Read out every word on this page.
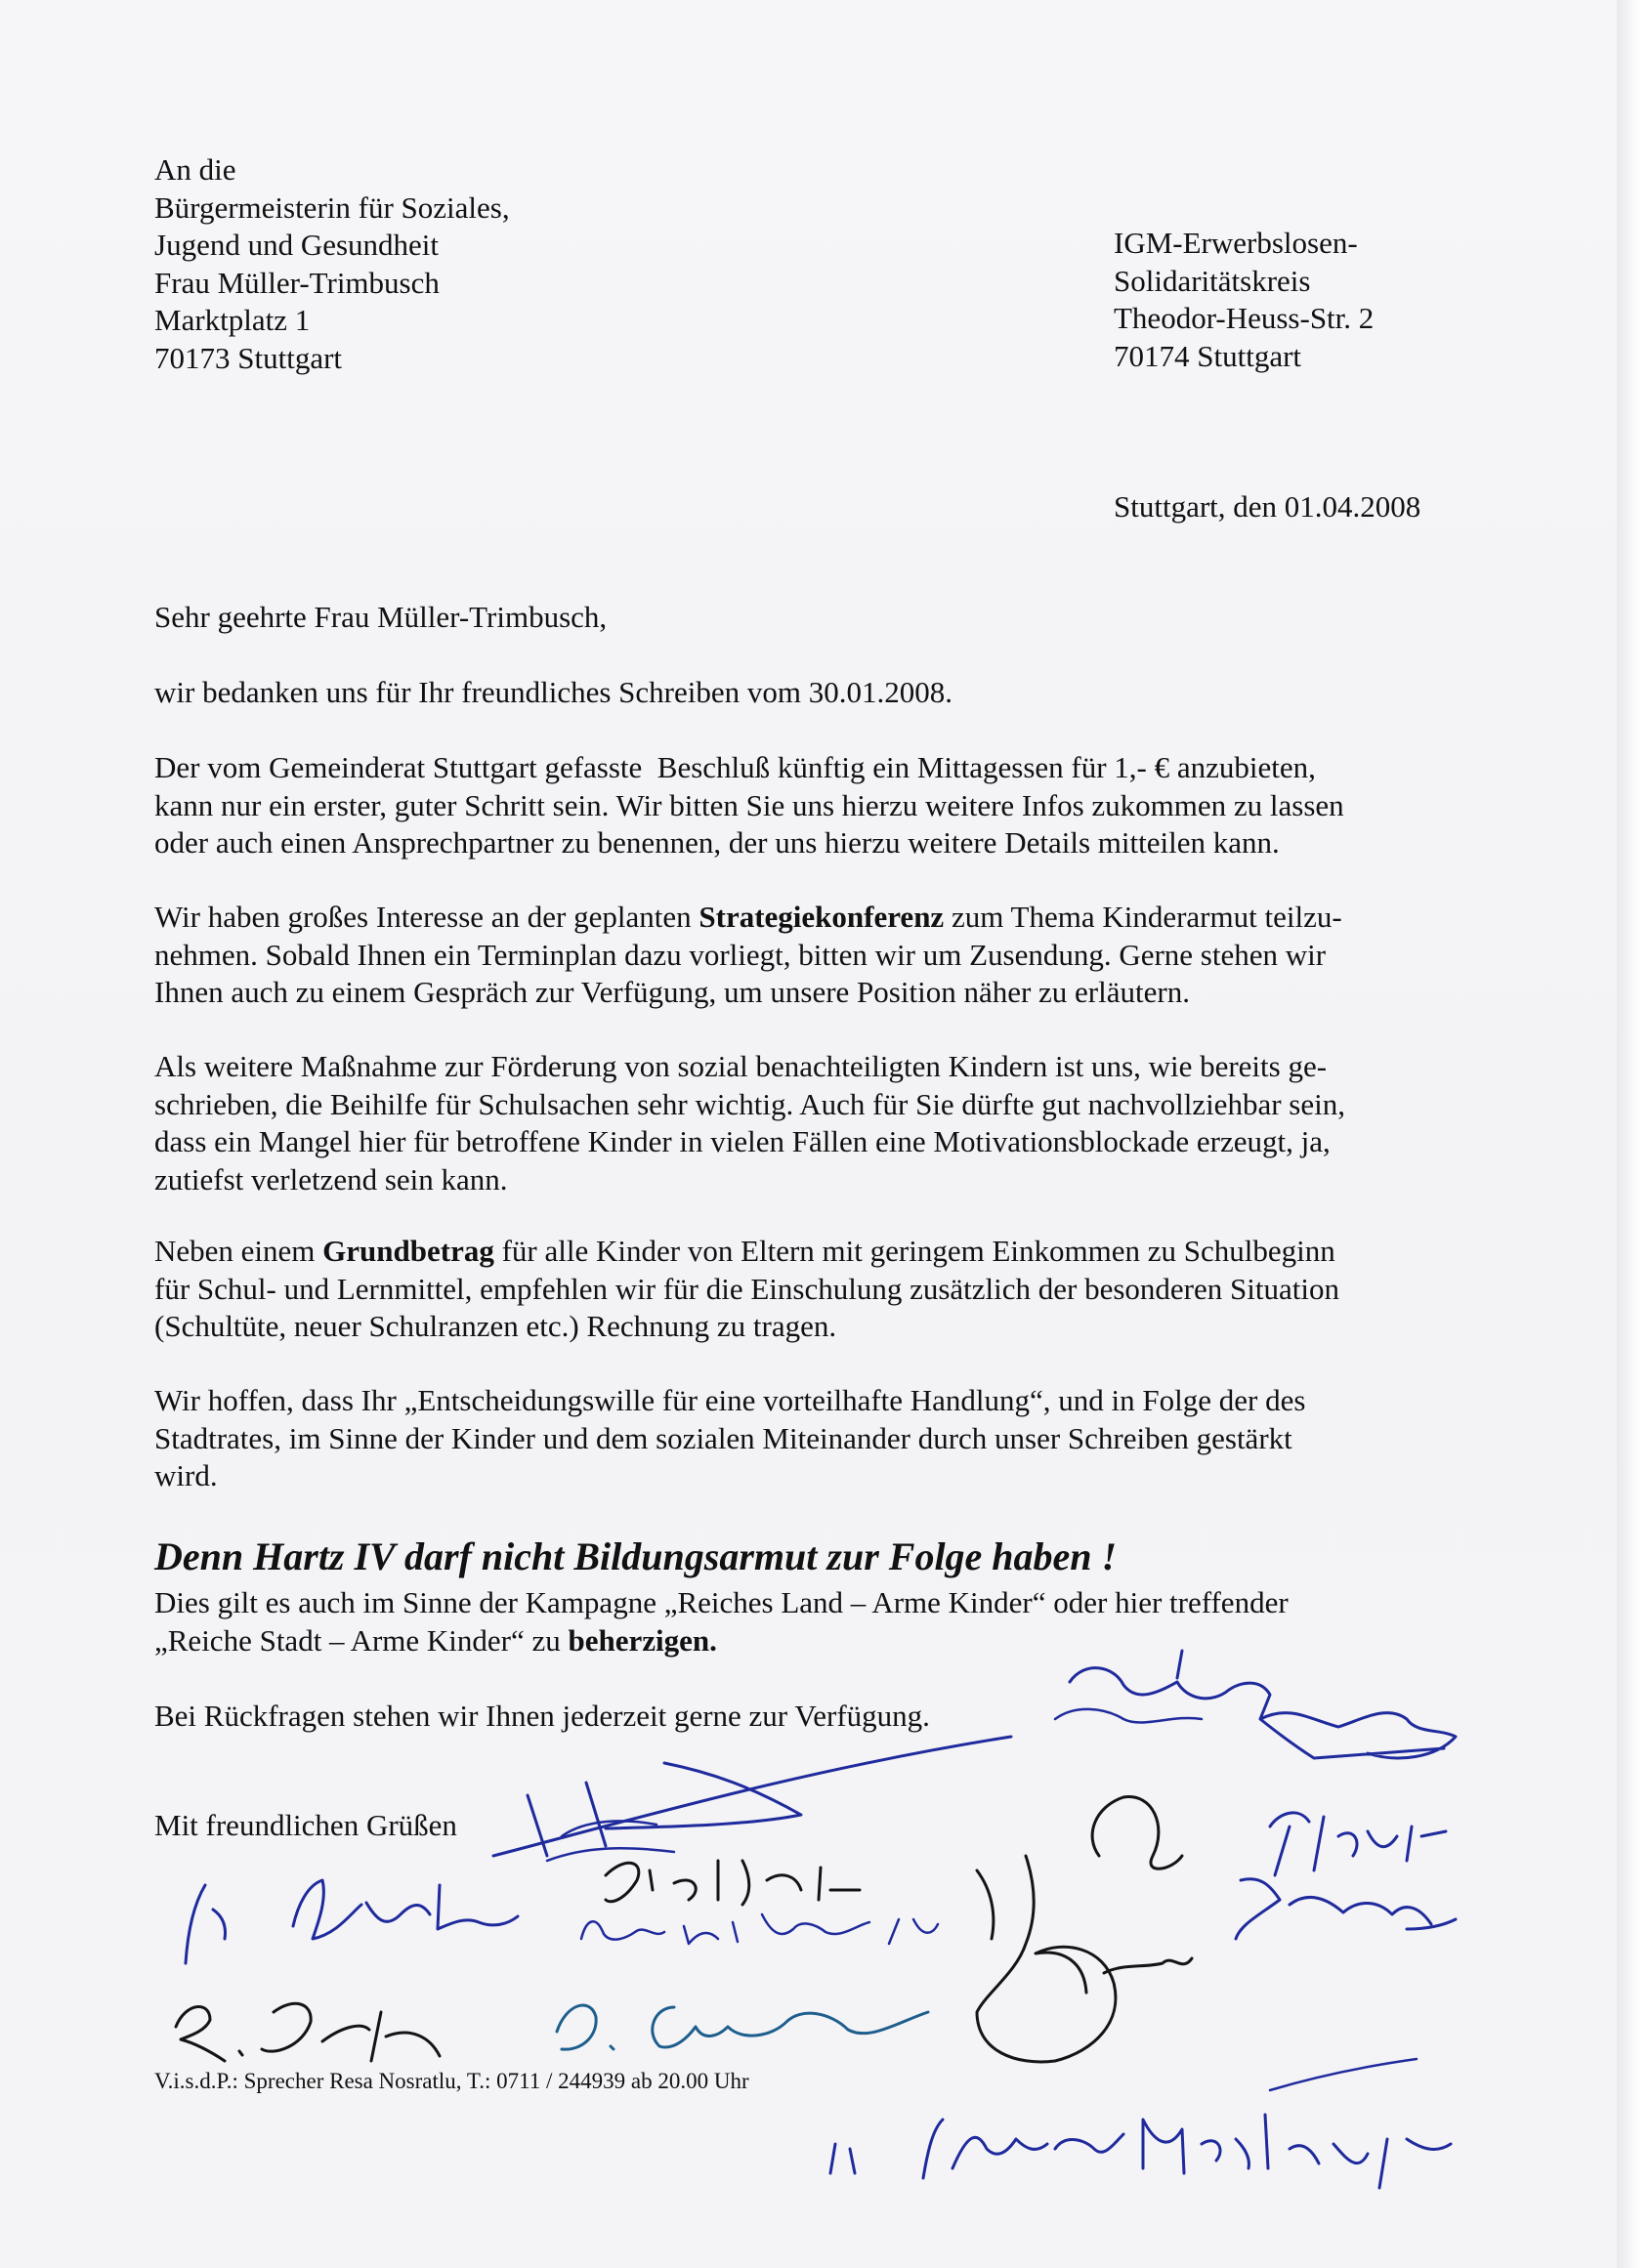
An die
Bürgermeisterin für Soziales,
Jugend und Gesundheit
Frau Müller-Trimbusch
Marktplatz 1
70173 Stuttgart
IGM-Erwerbslosen-
Solidaritätskreis
Theodor-Heuss-Str. 2
70174 Stuttgart
Stuttgart, den 01.04.2008
Sehr geehrte Frau Müller-Trimbusch,
wir bedanken uns für Ihr freundliches Schreiben vom 30.01.2008.
Der vom Gemeinderat Stuttgart gefasste  Beschluß künftig ein Mittagessen für 1,- € anzubieten,
kann nur ein erster, guter Schritt sein. Wir bitten Sie uns hierzu weitere Infos zukommen zu lassen
oder auch einen Ansprechpartner zu benennen, der uns hierzu weitere Details mitteilen kann.
Wir haben großes Interesse an der geplanten Strategiekonferenz zum Thema Kinderarmut teilzu-
nehmen. Sobald Ihnen ein Terminplan dazu vorliegt, bitten wir um Zusendung. Gerne stehen wir
Ihnen auch zu einem Gespräch zur Verfügung, um unsere Position näher zu erläutern.
Als weitere Maßnahme zur Förderung von sozial benachteiligten Kindern ist uns, wie bereits ge-
schrieben, die Beihilfe für Schulsachen sehr wichtig. Auch für Sie dürfte gut nachvollziehbar sein,
dass ein Mangel hier für betroffene Kinder in vielen Fällen eine Motivationsblockade erzeugt, ja,
zutiefst verletzend sein kann.
Neben einem Grundbetrag für alle Kinder von Eltern mit geringem Einkommen zu Schulbeginn
für Schul- und Lernmittel, empfehlen wir für die Einschulung zusätzlich der besonderen Situation
(Schultüte, neuer Schulranzen etc.) Rechnung zu tragen.
Wir hoffen, dass Ihr „Entscheidungswille für eine vorteilhafte Handlung“, und in Folge der des
Stadtrates, im Sinne der Kinder und dem sozialen Miteinander durch unser Schreiben gestärkt
wird.
Denn Hartz IV darf nicht Bildungsarmut zur Folge haben !
Dies gilt es auch im Sinne der Kampagne „Reiches Land – Arme Kinder“ oder hier treffender
„Reiche Stadt – Arme Kinder“ zu beherzigen.
Bei Rückfragen stehen wir Ihnen jederzeit gerne zur Verfügung.
Mit freundlichen Grüßen
V.i.s.d.P.: Sprecher Resa Nosratlu, T.: 0711 / 244939 ab 20.00 Uhr
